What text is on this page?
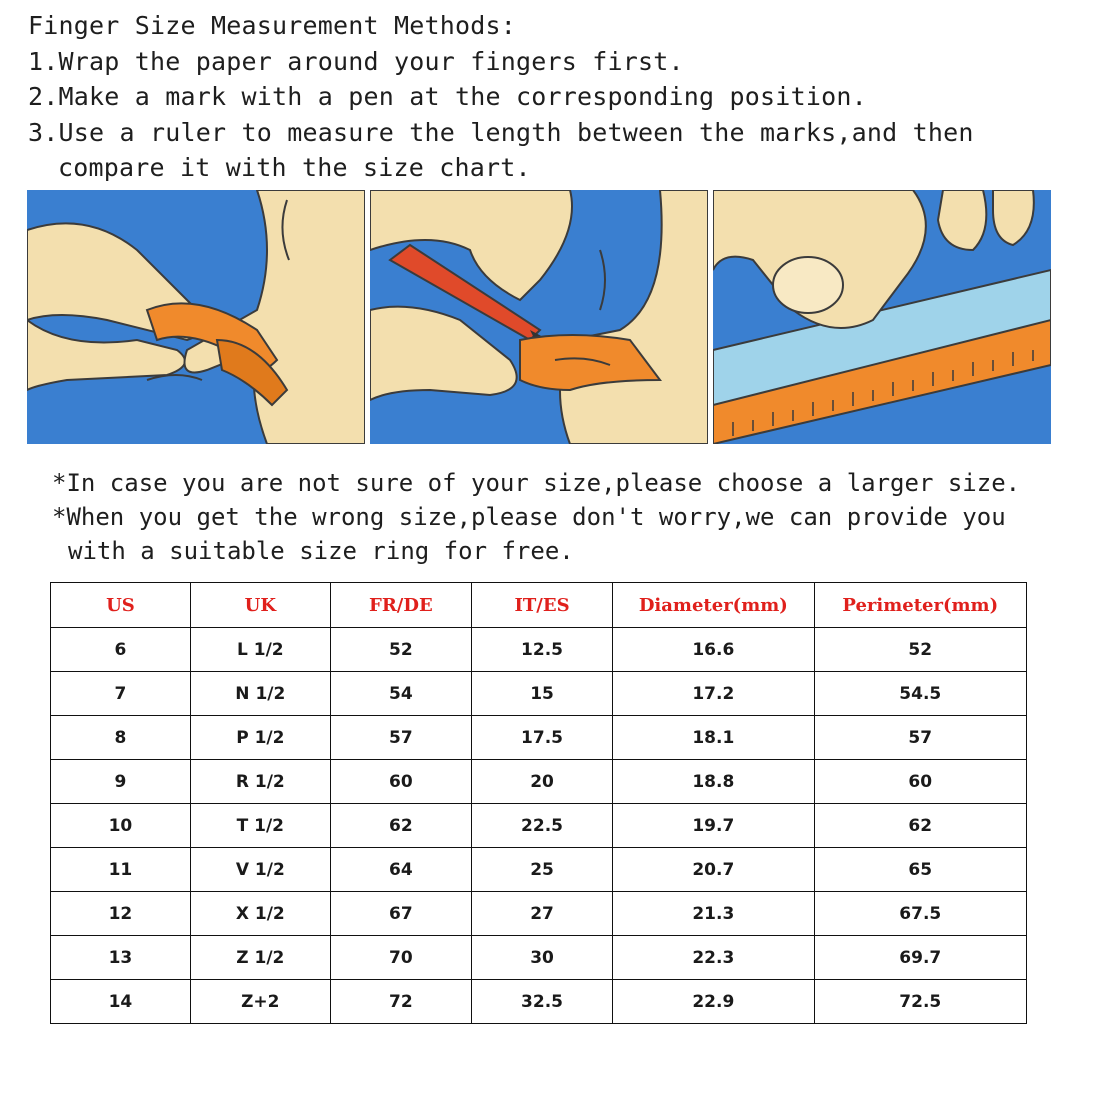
Finger Size Measurement Methods:
1.Wrap the paper around your fingers first.
2.Make a mark with a pen at the corresponding position.
3.Use a ruler to measure the length between the marks,and then
compare it with the size chart.
*In case you are not sure of your size,please choose a larger size.
*When you get the wrong size,please don't worry,we can provide you
with a suitable size ring for free.
US	UK	FR/DE	IT/ES	Diameter(mm)	Perimeter(mm)
6	L 1/2	52	12.5	16.6	52
7	N 1/2	54	15	17.2	54.5
8	P 1/2	57	17.5	18.1	57
9	R 1/2	60	20	18.8	60
10	T 1/2	62	22.5	19.7	62
11	V 1/2	64	25	20.7	65
12	X 1/2	67	27	21.3	67.5
13	Z 1/2	70	30	22.3	69.7
14	Z+2	72	32.5	22.9	72.5
